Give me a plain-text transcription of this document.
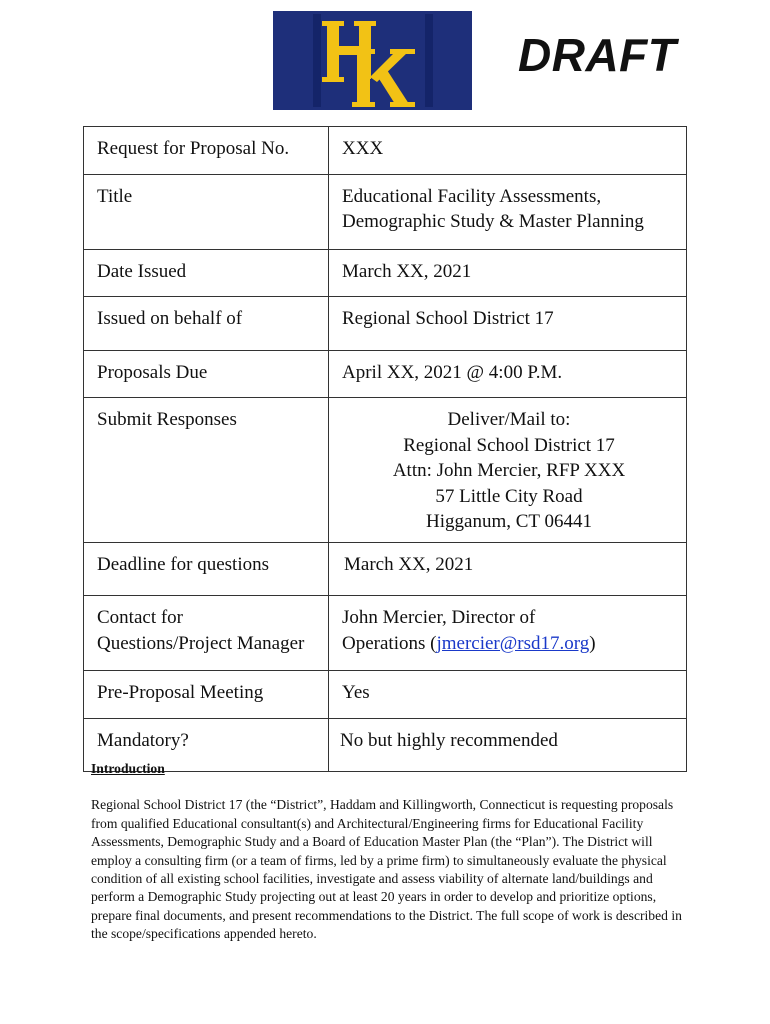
DRAFT
Request for Proposal No.	XXX
Title	Educational Facility Assessments,
Demographic Study & Master Planning

Date Issued	March XX, 2021
Issued on behalf of	Regional School District 17
Proposals Due	April XX, 2021 @ 4:00 P.M.
Submit Responses	Deliver/Mail to:
Regional School District 17
Attn: John Mercier, RFP XXX
57 Little City Road
Higganum, CT 06441

Deadline for questions	March XX, 2021

Contact for
Questions/Project Manager	John Mercier, Director of
Operations (jmercier@rsd17.org)

Pre-Proposal Meeting	Yes
Mandatory?	No but highly recommended
Introduction

Regional School District 17 (the “District”, Haddam and Killingworth, Connecticut is requesting proposals from qualified Educational consultant(s) and Architectural/Engineering firms for Educational Facility Assessments, Demographic Study and a Board of Education Master Plan (the “Plan”). The District will employ a consulting firm (or a team of firms, led by a prime firm) to simultaneously evaluate the physical condition of all existing school facilities, investigate and assess viability of alternate land/buildings and perform a Demographic Study projecting out at least 20 years in order to develop and prioritize options, prepare final documents, and present recommendations to the District. The full scope of work is described in the scope/specifications appended hereto.
